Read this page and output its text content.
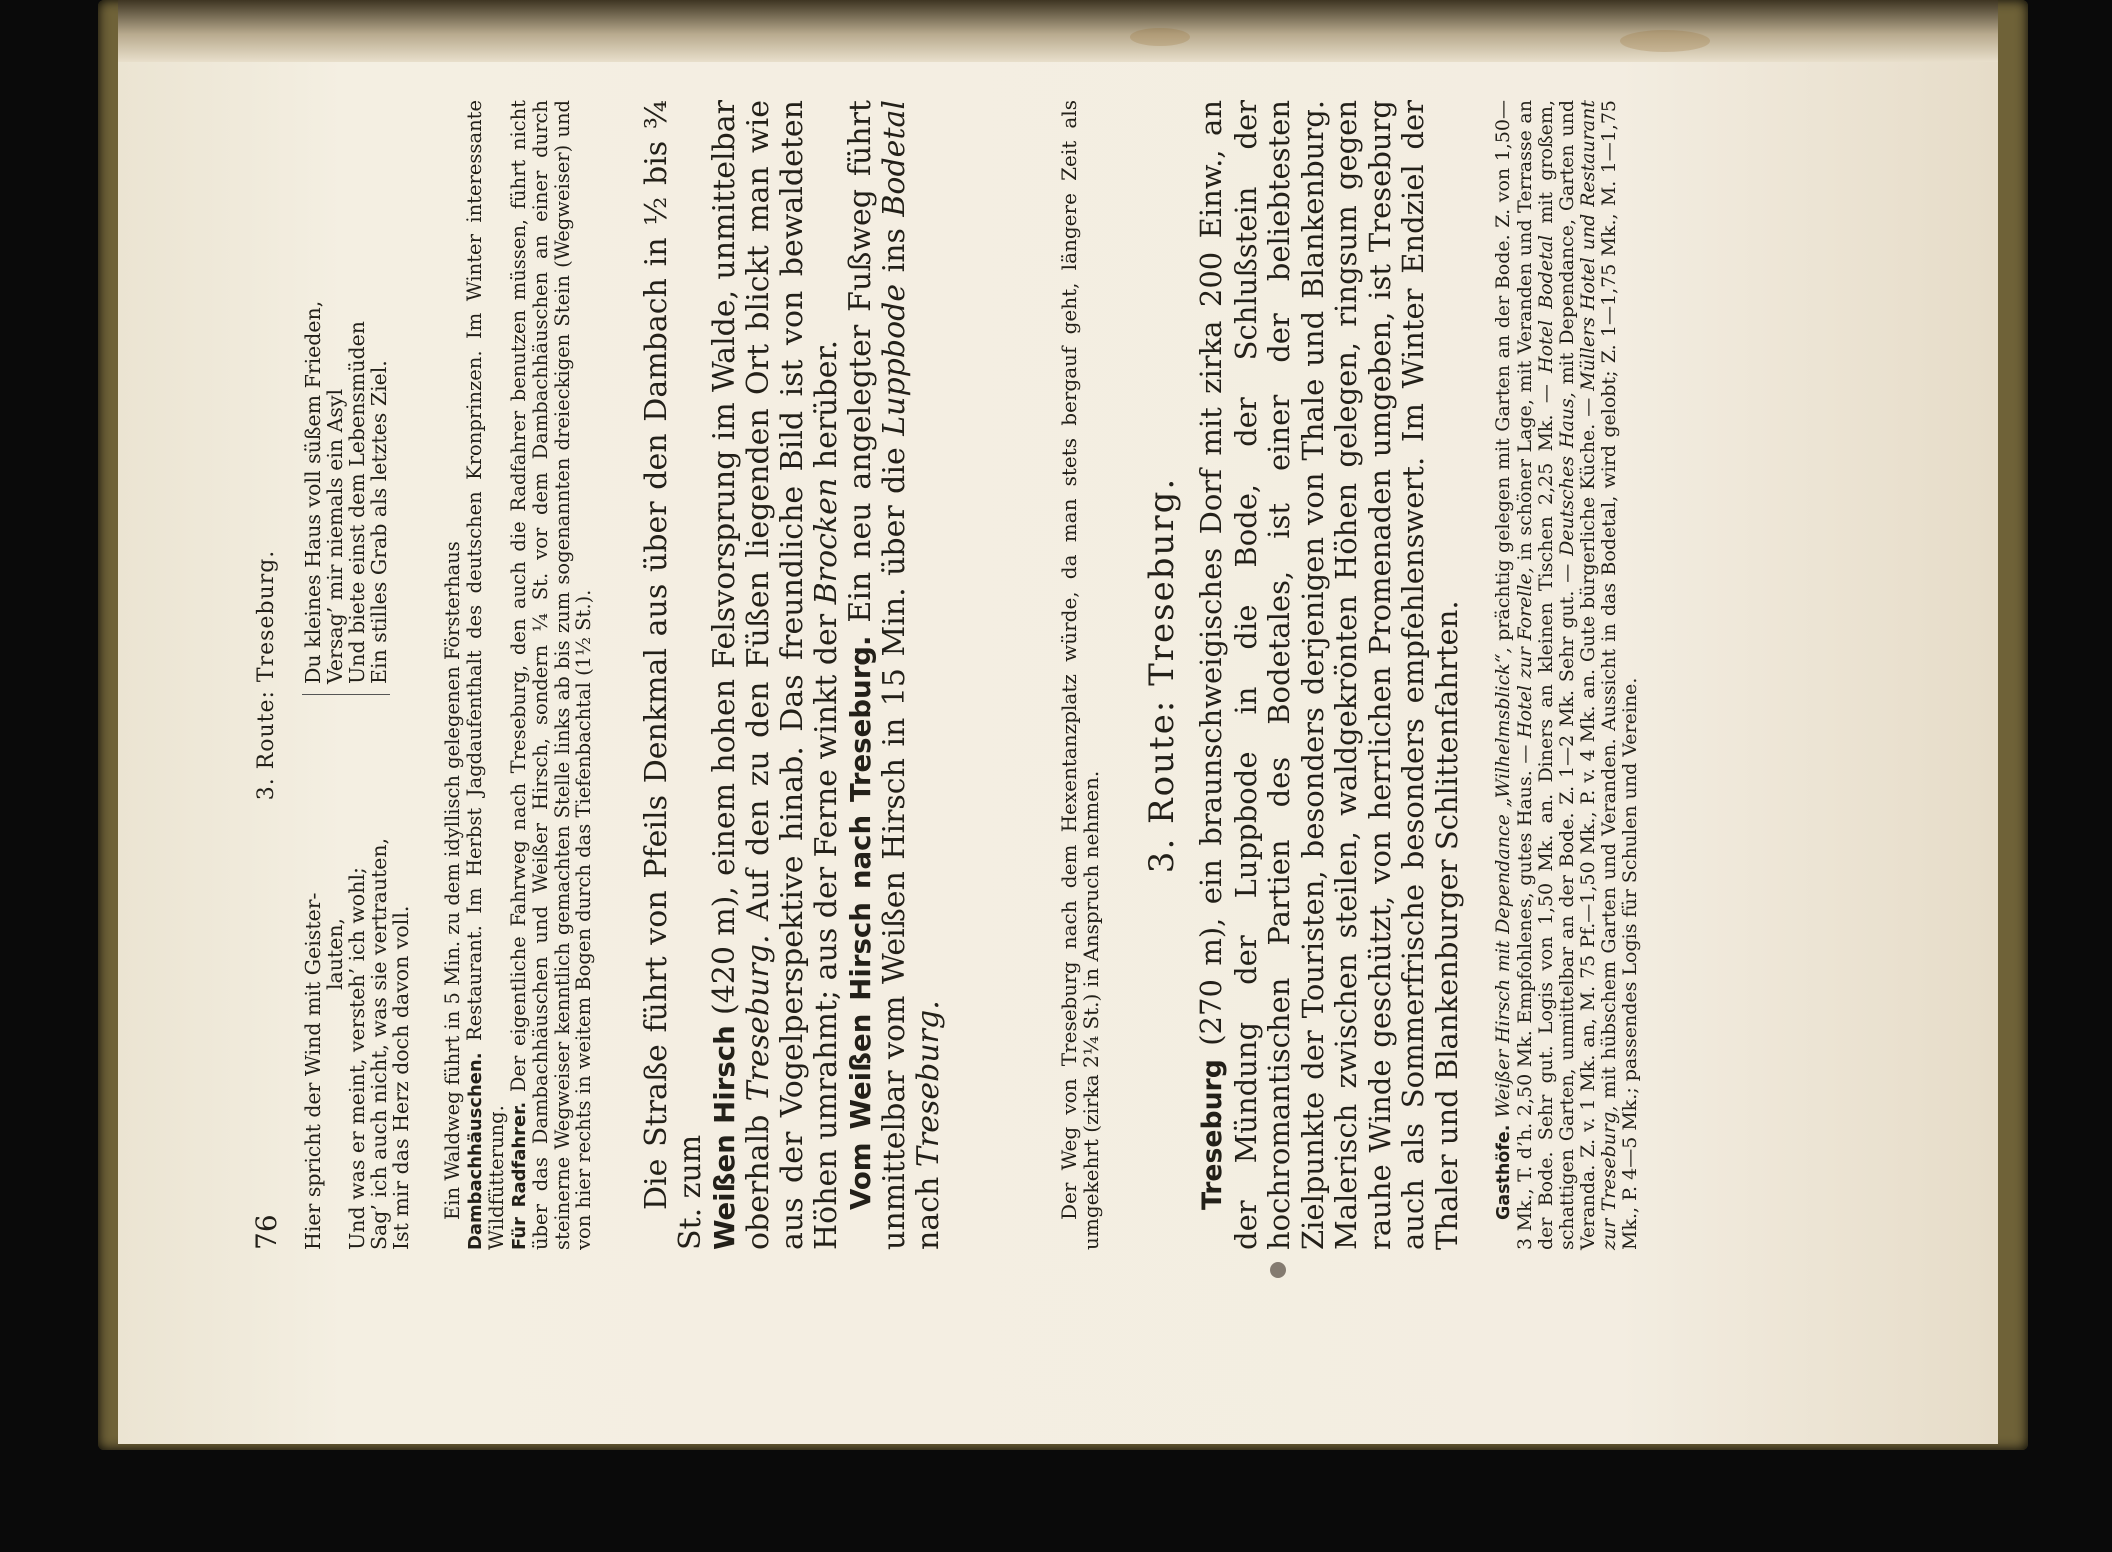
76
3. Route: Treseburg.
Hier spricht der Wind mit Geister-
lauten,
Und was er meint, versteh’ ich wohl;
Sag’ ich auch nicht, was sie vertrauten,
Ist mir das Herz doch davon voll.
Du kleines Haus voll süßem Frieden,
Versag’ mir niemals ein Asyl
Und biete einst dem Lebensmüden
Ein stilles Grab als letztes Ziel.

Ein Waldweg führt in 5 Min. zu dem idyllisch gelegenen Försterhaus Dambachhäuschen. Restaurant. Im Herbst Jagdaufenthalt des deutschen Kronprinzen. Im Winter interessante Wildfütterung. Für Radfahrer. Der eigentliche Fahrweg nach Treseburg, den auch die Radfahrer benutzen müssen, führt nicht über das Dambachhäuschen und Weißer Hirsch, sondern ¼ St. vor dem Dambachhäuschen an einer durch steinerne Wegweiser kenntlich gemachten Stelle links ab bis zum sogenannten dreieckigen Stein (Wegweiser) und von hier rechts in weitem Bogen durch das Tiefenbachtal (1½ St.). Die Straße führt von Pfeils Denkmal aus über den Dambach in ½ bis ¾ St. zum Weißen Hirsch (420 m), einem hohen Felsvorsprung im Walde, unmittelbar oberhalb Treseburg. Auf den zu den Füßen liegenden Ort blickt man wie aus der Vogelperspektive hinab. Das freundliche Bild ist von bewaldeten Höhen umrahmt; aus der Ferne winkt der Brocken herüber.

Vom Weißen Hirsch nach Treseburg. Ein neu angelegter Fußweg führt unmittelbar vom Weißen Hirsch in 15 Min. über die Luppbode ins Bodetal nach Treseburg.	Der Weg von Treseburg nach dem Hexentanzplatz würde, da man stets bergauf geht, längere Zeit als umgekehrt (zirka 2¼ St.) in Anspruch nehmen.

3. Route: Treseburg.

Treseburg (270 m), ein braunschweigisches Dorf mit zirka 200 Einw., an der Mündung der Luppbode in die Bode, der Schlußstein der hochromantischen Partien des Bodetales, ist einer der beliebtesten Zielpunkte der Touristen, besonders derjenigen von Thale und Blankenburg. Malerisch zwischen steilen, waldgekrönten Höhen gelegen, ringsum gegen rauhe Winde geschützt, von herrlichen Promenaden umgeben, ist Treseburg auch als Sommerfrische besonders empfehlenswert. Im Winter Endziel der Thaler und Blankenburger Schlittenfahrten. Gasthöfe. Weißer Hirsch mit Dependance „Wilhelmsblick“, prächtig gelegen mit Garten an der Bode. Z. von 1,50—3 Mk., T. d’h. 2,50 Mk. Empfohlenes, gutes Haus. — Hotel zur Forelle, in schöner Lage, mit Veranden und Terrasse an der Bode. Sehr gut. Logis von 1,50 Mk. an. Diners an kleinen Tischen 2,25 Mk. — Hotel Bodetal mit großem, schattigen Garten, unmittelbar an der Bode. Z. 1—2 Mk. Sehr gut. — Deutsches Haus, mit Dependance, Garten und Veranda. Z. v. 1 Mk. an, M. 75 Pf.—1,50 Mk., P. v. 4 Mk. an. Gute bürgerliche Küche. — Müllers Hotel und Restaurant zur Treseburg, mit hübschem Garten und Veranden. Aussicht in das Bodetal, wird gelobt; Z. 1—1,75 Mk., M. 1—1,75 Mk., P. 4—5 Mk.; passendes Logis für Schulen und Vereine.
